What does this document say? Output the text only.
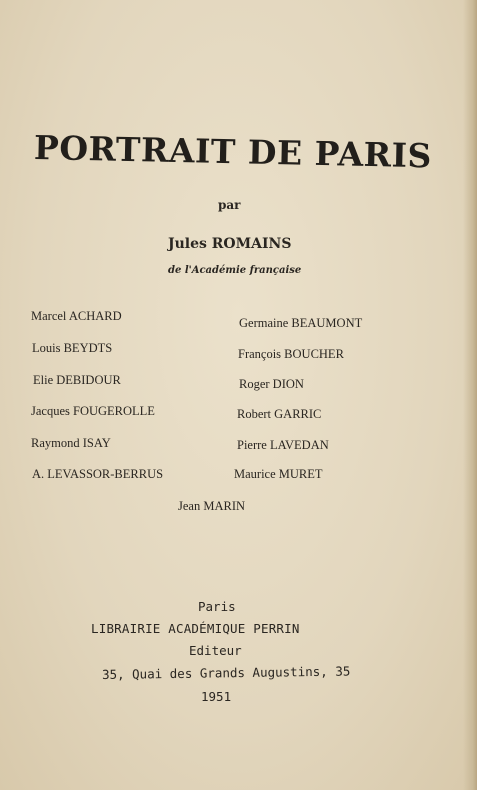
PORTRAIT DE PARIS
par
Jules ROMAINS
de l'Académie française
Marcel ACHARD
Louis BEYDTS
Elie DEBIDOUR
Jacques FOUGEROLLE
Raymond ISAY
A. LEVASSOR-BERRUS
Germaine BEAUMONT
François BOUCHER
Roger DION
Robert GARRIC
Pierre LAVEDAN
Maurice MURET
Jean MARIN
Paris
LIBRAIRIE ACADÉMIQUE PERRIN
Editeur
35, Quai des Grands Augustins, 35
1951
